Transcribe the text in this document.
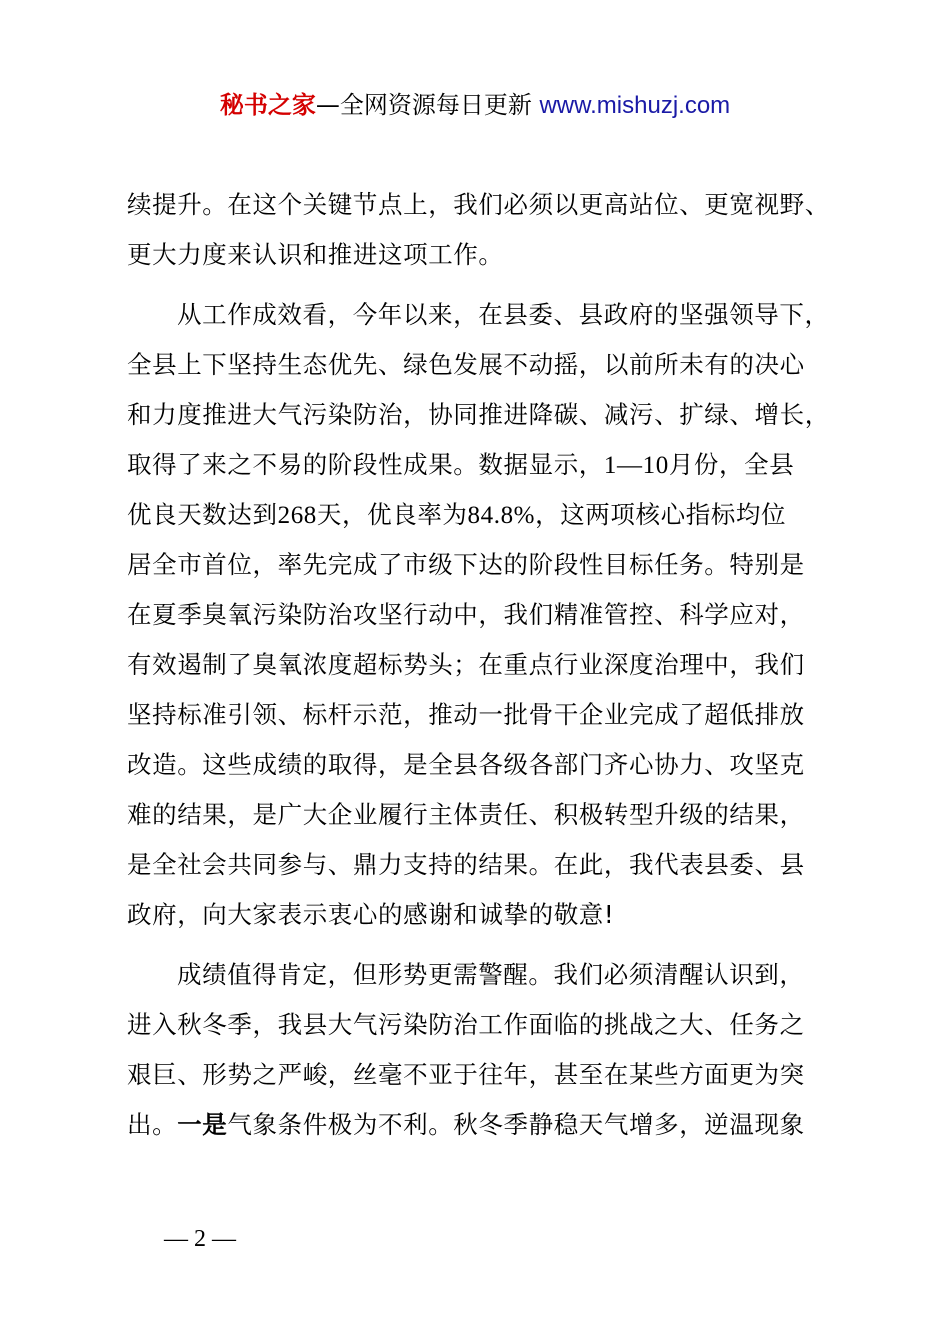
秘书之家—全网资源每日更新 www.mishuzj.com
续提升。在这个关键节点上，我们必须以更高站位、更宽视野、
更大力度来认识和推进这项工作。
从工作成效看，今年以来，在县委、县政府的坚强领导下，
全县上下坚持生态优先、绿色发展不动摇，以前所未有的决心
和力度推进大气污染防治，协同推进降碳、减污、扩绿、增长，
取得了来之不易的阶段性成果。数据显示，1—10月份，全县
优良天数达到268天，优良率为84.8%，这两项核心指标均位
居全市首位，率先完成了市级下达的阶段性目标任务。特别是
在夏季臭氧污染防治攻坚行动中，我们精准管控、科学应对，
有效遏制了臭氧浓度超标势头；在重点行业深度治理中，我们
坚持标准引领、标杆示范，推动一批骨干企业完成了超低排放
改造。这些成绩的取得，是全县各级各部门齐心协力、攻坚克
难的结果，是广大企业履行主体责任、积极转型升级的结果，
是全社会共同参与、鼎力支持的结果。在此，我代表县委、县
政府，向大家表示衷心的感谢和诚挚的敬意!
成绩值得肯定，但形势更需警醒。我们必须清醒认识到，
进入秋冬季，我县大气污染防治工作面临的挑战之大、任务之
艰巨、形势之严峻，丝毫不亚于往年，甚至在某些方面更为突
出。一是气象条件极为不利。秋冬季静稳天气增多，逆温现象
— 2 —
